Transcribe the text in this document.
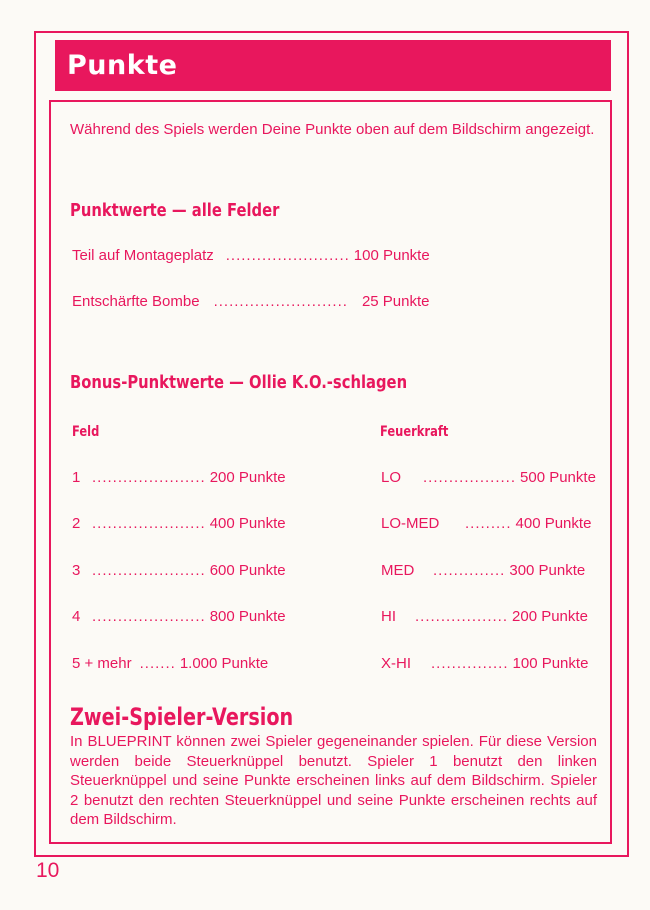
Punkte
Während des Spiels werden Deine Punkte oben auf dem Bildschirm angezeigt.
Punktwerte — alle Felder
Teil auf Montageplatz ........................ 100 Punkte
Entschärfte Bombe .......................... 25 Punkte
Bonus-Punktwerte — Ollie K.O.-schlagen
Feld	Feuerkraft
1 ...................... 200 Punkte
2 ...................... 400 Punkte
3 ...................... 600 Punkte
4 ...................... 800 Punkte
5 + mehr ....... 1.000 Punkte
LO .................. 500 Punkte
LO-MED ......... 400 Punkte
MED .............. 300 Punkte
HI .................. 200 Punkte
X-HI ............... 100 Punkte
Zwei-Spieler-Version
In BLUEPRINT können zwei Spieler gegeneinander spielen. Für diese Version werden beide Steuerknüppel benutzt. Spieler 1 benutzt den linken Steuerknüppel und seine Punkte erscheinen links auf dem Bildschirm. Spieler 2 benutzt den rechten Steuerknüppel und seine Punkte erscheinen rechts auf dem Bildschirm.
10
